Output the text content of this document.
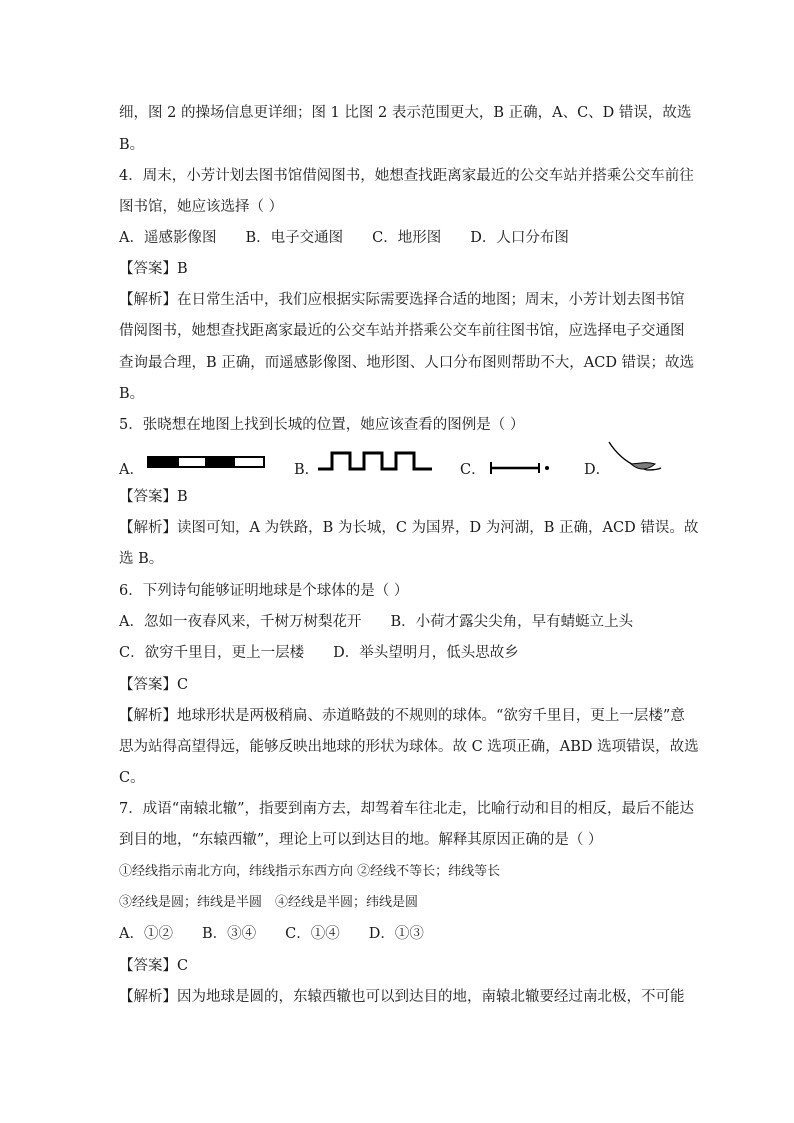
细，图 2 的操场信息更详细；图 1 比图 2 表示范围更大，B 正确，A、C、D 错误，故选
B。
4．周末，小芳计划去图书馆借阅图书，她想查找距离家最近的公交车站并搭乘公交车前往
图书馆，她应该选择（ ）
A．遥感影像图　　B．电子交通图　　C．地形图　　D．人口分布图
【答案】B
【解析】在日常生活中，我们应根据实际需要选择合适的地图；周末，小芳计划去图书馆
借阅图书，她想查找距离家最近的公交车站并搭乘公交车前往图书馆，应选择电子交通图
查询最合理，B 正确，而遥感影像图、地形图、人口分布图则帮助不大，ACD 错误；故选
B。
5．张晓想在地图上找到长城的位置，她应该查看的图例是（ ）
A．	B．	C．	D．
【答案】B
【解析】读图可知，A 为铁路，B 为长城，C 为国界，D 为河湖，B 正确，ACD 错误。故
选 B。
6．下列诗句能够证明地球是个球体的是（ ）
A．忽如一夜春风来，千树万树梨花开　　B．小荷才露尖尖角，早有蜻蜓立上头
C．欲穷千里目，更上一层楼　　D．举头望明月，低头思故乡
【答案】C
【解析】地球形状是两极稍扁、赤道略鼓的不规则的球体。“欲穷千里目，更上一层楼”意
思为站得高望得远，能够反映出地球的形状为球体。故 C 选项正确，ABD 选项错误，故选
C。
7．成语“南辕北辙”，指要到南方去，却驾着车往北走，比喻行动和目的相反，最后不能达
到目的地，“东辕西辙”，理论上可以到达目的地。解释其原因正确的是（ ）
①经线指示南北方向，纬线指示东西方向 ②经线不等长；纬线等长
③经线是圆；纬线是半圆　④经线是半圆；纬线是圆
A．①②　　B．③④　　C．①④　　D．①③
【答案】C
【解析】因为地球是圆的，东辕西辙也可以到达目的地，南辕北辙要经过南北极，不可能
